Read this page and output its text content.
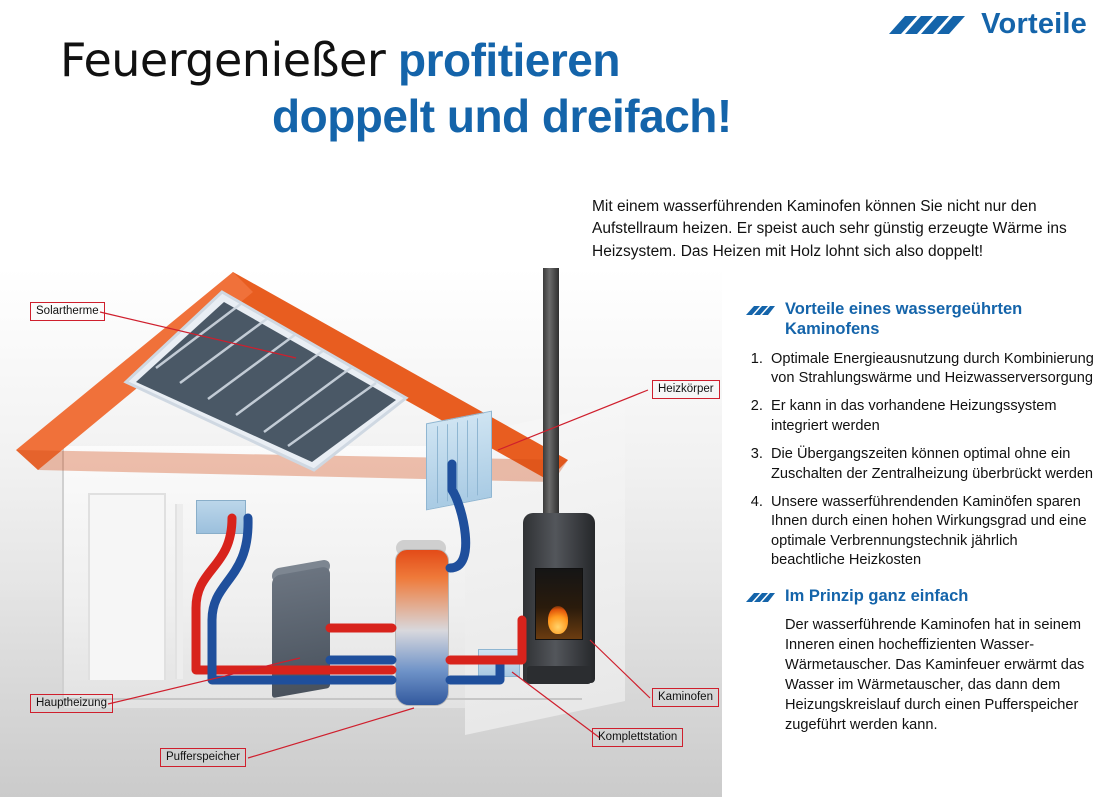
Vorteile
Feuergenießer profitieren
doppelt und dreifach!
Mit einem wasserführenden Kaminofen können Sie nicht nur den Aufstellraum heizen. Er speist auch sehr günstig erzeugte Wärme ins Heizsystem. Das Heizen mit Holz lohnt sich also doppelt!
Solartherme
Heizkörper
Kaminofen
Komplettstation
Pufferspeicher
Hauptheizung
Vorteile eines wassergeührten
Kaminofens
1. Optimale Energieausnutzung durch Kombinierung von Strahlungswärme und Heizwasserversorgung
2. Er kann in das vorhandene Heizungssystem integriert werden
3. Die Übergangszeiten können optimal ohne ein Zuschalten der Zentralheizung überbrückt werden
4. Unsere wasserführendenden Kaminöfen sparen Ihnen durch einen hohen Wirkungsgrad und eine optimale Verbrennungstechnik jährlich beachtliche Heizkosten
Im Prinzip ganz einfach

Der wasserführende Kaminofen hat in seinem Inneren einen hocheffizienten Wasser-Wärmetauscher. Das Kaminfeuer erwärmt das Wasser im Wärmetauscher, das dann dem Heizungskreislauf durch einen Pufferspeicher zugeführt werden kann.
